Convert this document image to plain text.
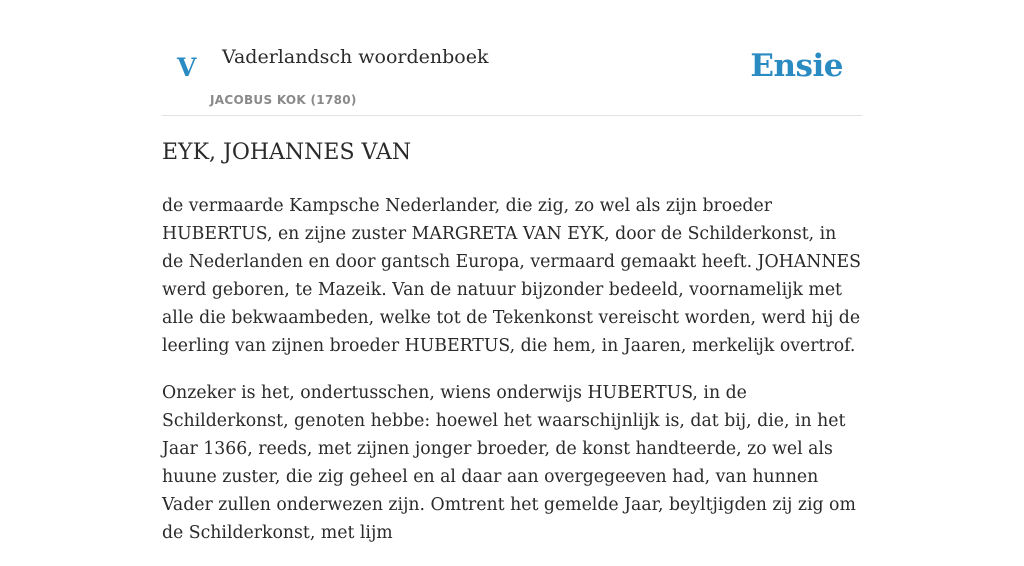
V Vaderlandsch woordenboek
JACOBUS KOK (1780)
Ensie
EYK, JOHANNES VAN

de vermaarde Kampsche Nederlander, die zig, zo wel als zijn broeder HUBERTUS, en zijne zuster MARGRETA VAN EYK, door de Schilderkonst, in de Nederlanden en door gantsch Europa, vermaard gemaakt heeft. JOHANNES werd geboren, te Mazeik. Van de natuur bijzonder bedeeld, voornamelijk met alle die bekwaambeden, welke tot de Tekenkonst vereischt worden, werd hij de leerling van zijnen broeder HUBERTUS, die hem, in Jaaren, merkelijk overtrof.

Onzeker is het, ondertusschen, wiens onderwijs HUBERTUS, in de Schilderkonst, genoten hebbe: hoewel het waarschijnlijk is, dat bij, die, in het Jaar 1366, reeds, met zijnen jonger broeder, de konst handteerde, zo wel als huune zuster, die zig geheel en al daar aan overgegeeven had, van hunnen Vader zullen onderwezen zijn. Omtrent het gemelde Jaar, beyltjigden zij zig om de Schilderkonst, met lijm
